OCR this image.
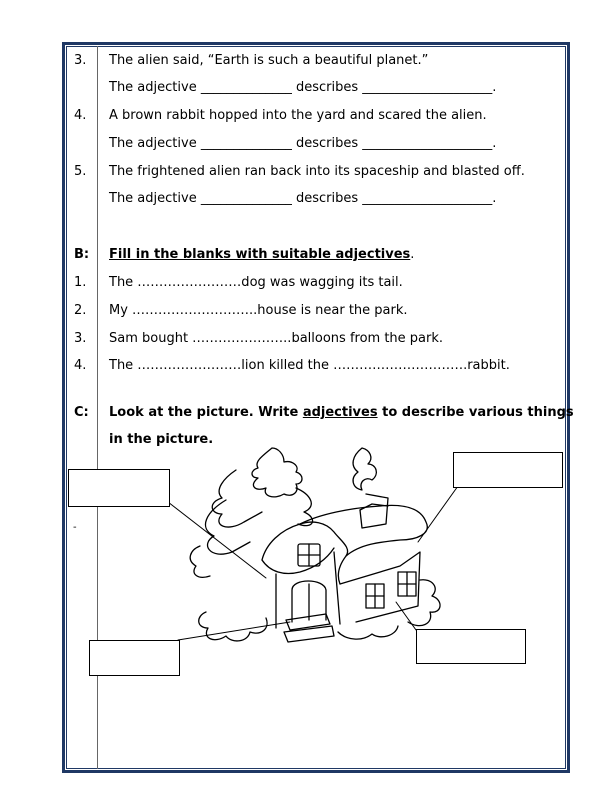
3. The alien said, “Earth is such a beautiful planet.”
The adjective ______________ describes ____________________.
4. A brown rabbit hopped into the yard and scared the alien.
The adjective ______________ describes ____________________.
5. The frightened alien ran back into its spaceship and blasted off.
The adjective ______________ describes ____________________.
B: Fill in the blanks with suitable adjectives.
1. The ……………………dog was wagging its tail.
2. My ………………………..house is near the park.
3. Sam bought …………………..balloons from the park.
4. The ……………………lion killed the ………………………….rabbit.
C: Look at the picture. Write adjectives to describe various things
in the picture.
-
